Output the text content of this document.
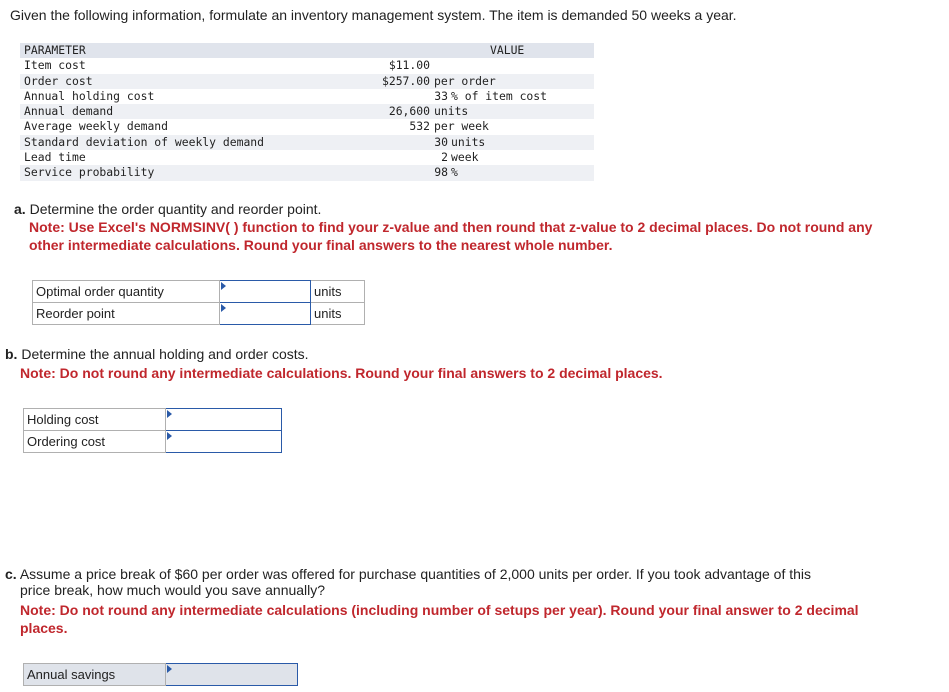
Given the following information, formulate an inventory management system. The item is demanded 50 weeks a year.
PARAMETER	VALUE
Item cost	$11.00
Order cost	$257.00 per order
Annual holding cost	33 % of item cost
Annual demand	26,600 units
Average weekly demand	532 per week
Standard deviation of weekly demand	30 units
Lead time	2 week
Service probability	98 %
a. Determine the order quantity and reorder point.
Note: Use Excel's NORMSINV( ) function to find your z-value and then round that z-value to 2 decimal places. Do not round any
other intermediate calculations. Round your final answers to the nearest whole number.
Optimal order quantity		units
Reorder point		units
b. Determine the annual holding and order costs.
Note: Do not round any intermediate calculations. Round your final answers to 2 decimal places.
Holding cost	
Ordering cost	
c. Assume a price break of $60 per order was offered for purchase quantities of 2,000 units per order. If you took advantage of this
price break, how much would you save annually?
Note: Do not round any intermediate calculations (including number of setups per year). Round your final answer to 2 decimal
places.
Annual savings	
